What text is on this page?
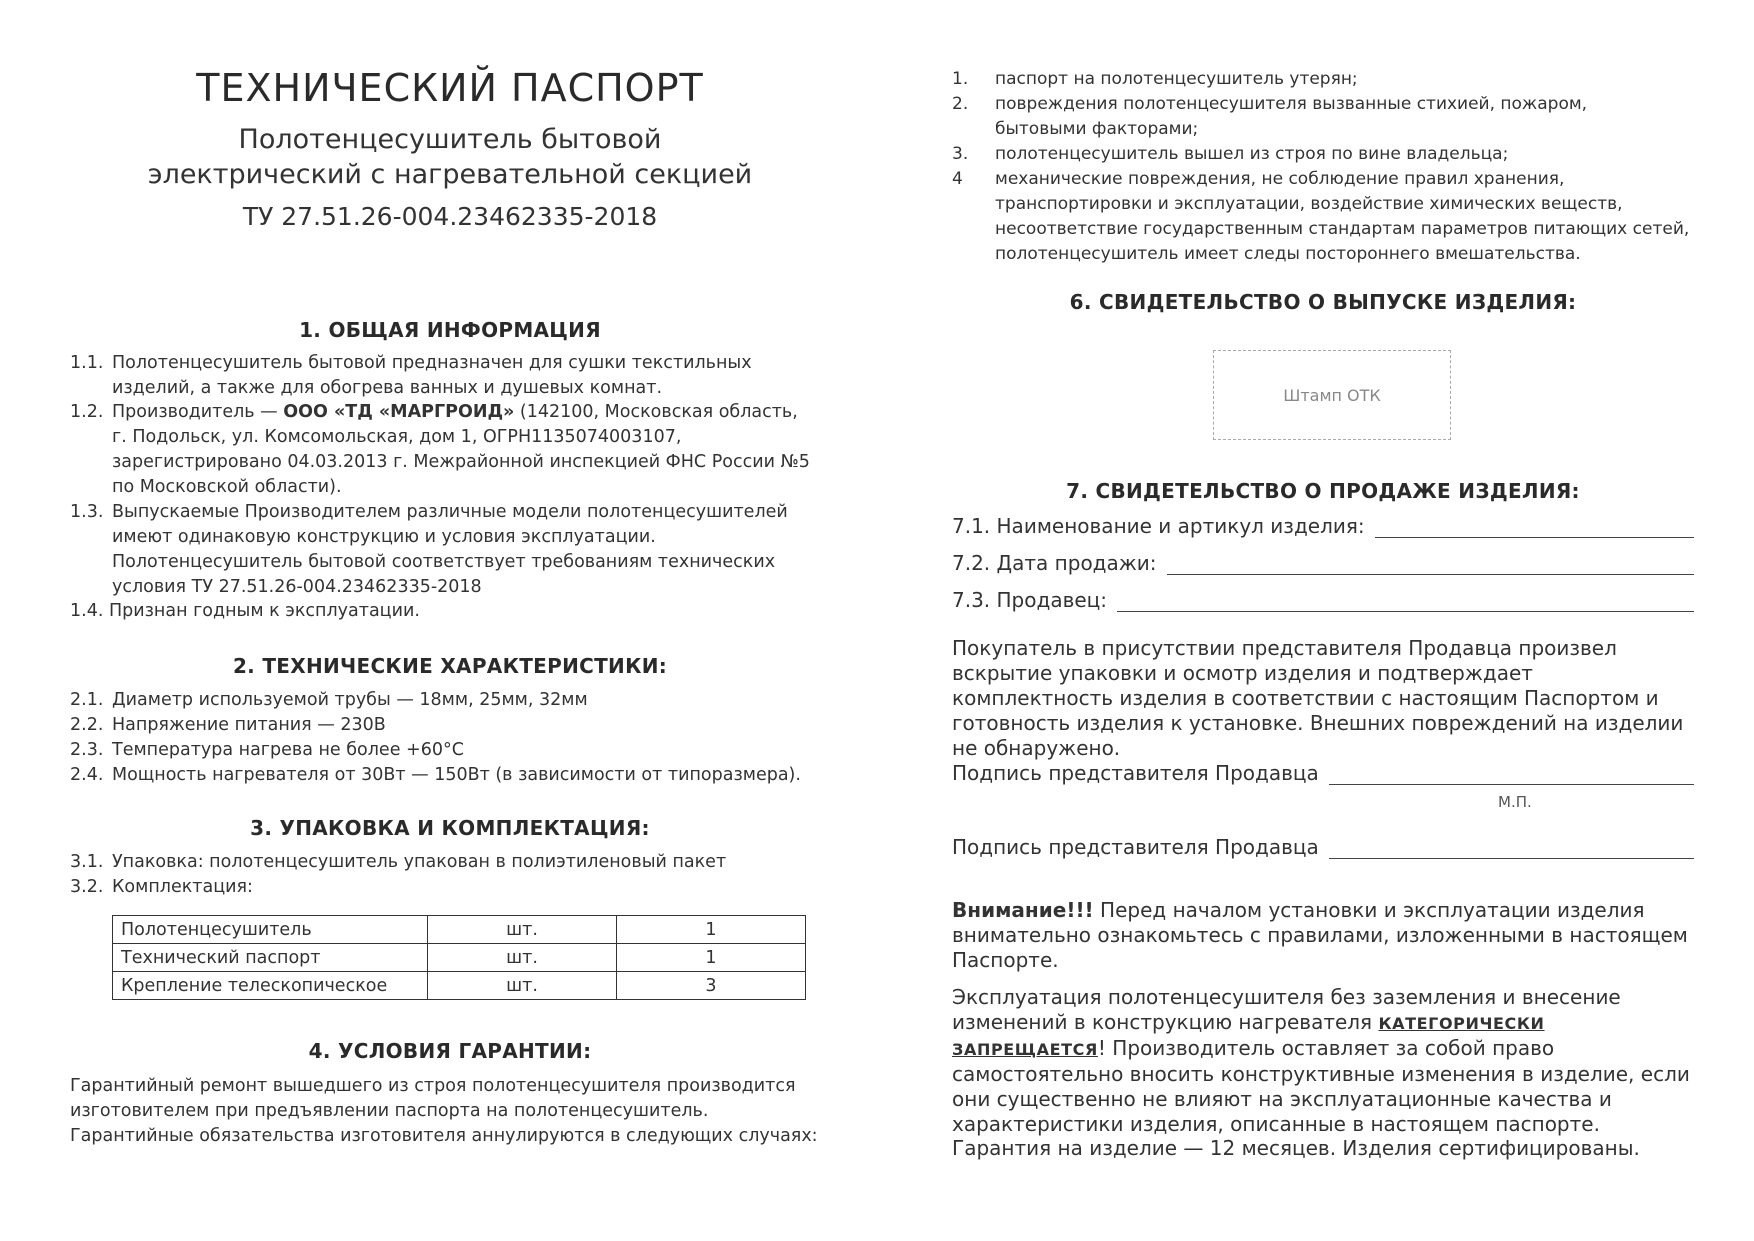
ТЕХНИЧЕСКИЙ ПАСПОРТ

Полотенцесушитель бытовой

электрический с нагревательной секцией

ТУ 27.51.26-004.23462335-2018

1. ОБЩАЯ ИНФОРМАЦИЯ
1.1. Полотенцесушитель бытовой предназначен для сушки текстильных изделий, а также для обогрева ванных и душевых комнат.
1.2. Производитель — ООО «ТД «МАРГРОИД» (142100, Московская область, г. Подольск, ул. Комсомольская, дом 1, ОГРН1135074003107, зарегистрировано 04.03.2013 г. Межрайонной инспекцией ФНС России №5 по Московской области).
1.3. Выпускаемые Производителем различные модели полотенцесушителей имеют одинаковую конструкцию и условия эксплуатации. Полотенцесушитель бытовой соответствует требованиям технических условия ТУ 27.51.26-004.23462335-2018
1.4. Признан годным к эксплуатации.
2. ТЕХНИЧЕСКИЕ ХАРАКТЕРИСТИКИ:
2.1. Диаметр используемой трубы — 18мм, 25мм, 32мм
2.2. Напряжение питания — 230В
2.3. Температура нагрева не более +60°С
2.4. Мощность нагревателя от 30Вт — 150Вт (в зависимости от типоразмера).
3. УПАКОВКА И КОМПЛЕКТАЦИЯ:
3.1. Упаковка: полотенцесушитель упакован в полиэтиленовый пакет
3.2. Комплектация:
Полотенцесушитель	шт.	1
Технический паспорт	шт.	1
Крепление телескопическое	шт.	3
4. УСЛОВИЯ ГАРАНТИИ:

Гарантийный ремонт вышедшего из строя полотенцесушителя производится изготовителем при предъявлении паспорта на полотенцесушитель. Гарантийные обязательства изготовителя аннулируются в следующих случаях:

1. паспорт на полотенцесушитель утерян;
2. повреждения полотенцесушителя вызванные стихией, пожаром, бытовыми факторами;
3. полотенцесушитель вышел из строя по вине владельца;
4 механические повреждения, не соблюдение правил хранения, транспортировки и эксплуатации, воздействие химических веществ, несоответствие государственным стандартам параметров питающих сетей, полотенцесушитель имеет следы постороннего вмешательства.
6. СВИДЕТЕЛЬСТВО О ВЫПУСКЕ ИЗДЕЛИЯ:
Штамп ОТК
7. СВИДЕТЕЛЬСТВО О ПРОДАЖЕ ИЗДЕЛИЯ:
7.1. Наименование и артикул изделия:
7.2. Дата продажи:
7.3. Продавец:

Покупатель в присутствии представителя Продавца произвел вскрытие упаковки и осмотр изделия и подтверждает комплектность изделия в соответствии с настоящим Паспортом и готовность изделия к установке. Внешних повреждений на изделии не обнаружено.

Подпись представителя Продавца
М.П.
Подпись представителя Продавца

Внимание!!! Перед началом установки и эксплуатации изделия внимательно ознакомьтесь с правилами, изложенными в настоящем Паспорте.

Эксплуатация полотенцесушителя без заземления и внесение изменений в конструкцию нагревателя КАТЕГОРИЧЕСКИ ЗАПРЕЩАЕТСЯ! Производитель оставляет за собой право самостоятельно вносить конструктивные изменения в изделие, если они существенно не влияют на эксплуатационные качества и характеристики изделия, описанные в настоящем паспорте.

Гарантия на изделие — 12 месяцев. Изделия сертифицированы.
